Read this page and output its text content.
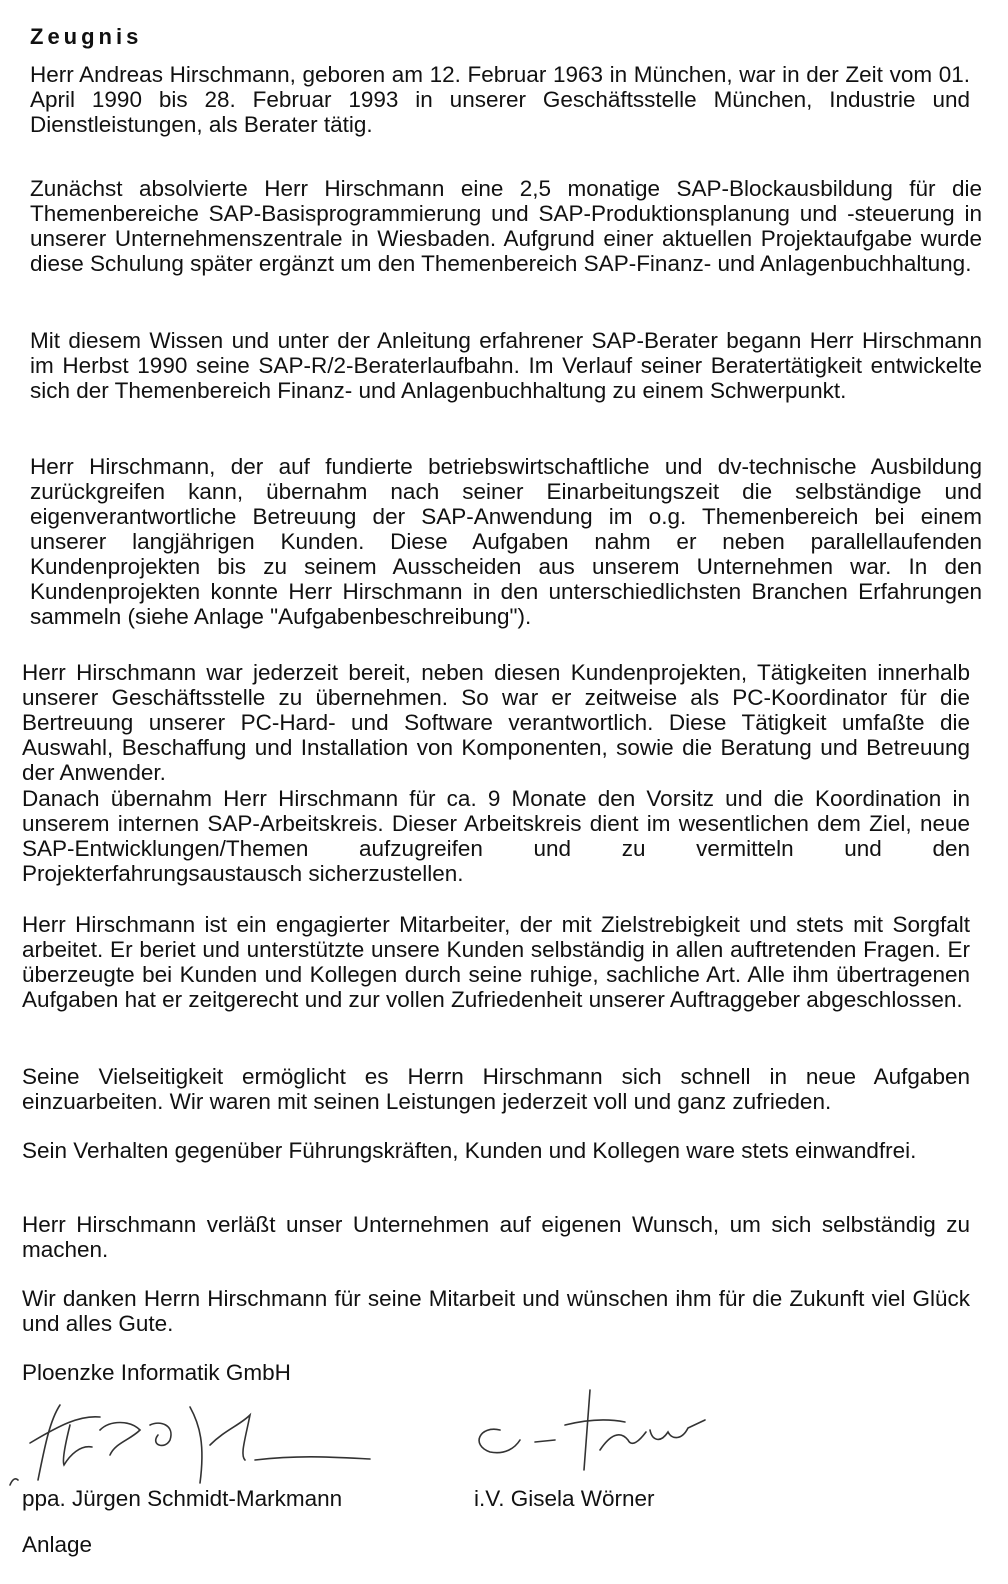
Zeugnis

Herr Andreas Hirschmann, geboren am 12. Februar 1963 in München, war in der Zeit vom 01. April 1990 bis 28. Februar 1993 in unserer Geschäftsstelle München, Industrie und Dienstleistungen, als Berater tätig.

Zunächst absolvierte Herr Hirschmann eine 2,5 monatige SAP-Blockausbildung für die Themenbereiche SAP-Basisprogrammierung und SAP-Produktionsplanung und -steuerung in unserer Unternehmenszentrale in Wiesbaden. Aufgrund einer aktuellen Projektaufgabe wurde diese Schulung später ergänzt um den Themenbereich SAP-Finanz- und Anlagenbuchhaltung.

Mit diesem Wissen und unter der Anleitung erfahrener SAP-Berater begann Herr Hirschmann im Herbst 1990 seine SAP-R/2-Beraterlaufbahn. Im Verlauf seiner Beratertätigkeit entwickelte sich der Themenbereich Finanz- und Anlagenbuchhaltung zu einem Schwerpunkt.

Herr Hirschmann, der auf fundierte betriebswirtschaftliche und dv-technische Ausbildung zurückgreifen kann, übernahm nach seiner Einarbeitungszeit die selbständige und eigenverantwortliche Betreuung der SAP-Anwendung im o.g. Themenbereich bei einem unserer langjährigen Kunden. Diese Aufgaben nahm er neben parallellaufenden Kundenprojekten bis zu seinem Ausscheiden aus unserem Unternehmen war. In den Kundenprojekten konnte Herr Hirschmann in den unterschiedlichsten Branchen Erfahrungen sammeln (siehe Anlage "Aufgabenbeschreibung").

Herr Hirschmann war jederzeit bereit, neben diesen Kundenprojekten, Tätigkeiten innerhalb unserer Geschäftsstelle zu übernehmen. So war er zeitweise als PC-Koordinator für die Bertreuung unserer PC-Hard- und Software verantwortlich. Diese Tätigkeit umfaßte die Auswahl, Beschaffung und Installation von Komponenten, sowie die Beratung und Betreuung der Anwender.

Danach übernahm Herr Hirschmann für ca. 9 Monate den Vorsitz und die Koordination in unserem internen SAP-Arbeitskreis. Dieser Arbeitskreis dient im wesentlichen dem Ziel, neue SAP-Entwicklungen/Themen aufzugreifen und zu vermitteln und den Projekterfahrungsaustausch sicherzustellen.

Herr Hirschmann ist ein engagierter Mitarbeiter, der mit Zielstrebigkeit und stets mit Sorgfalt arbeitet. Er beriet und unterstützte unsere Kunden selbständig in allen auftretenden Fragen. Er überzeugte bei Kunden und Kollegen durch seine ruhige, sachliche Art. Alle ihm übertragenen Aufgaben hat er zeitgerecht und zur vollen Zufriedenheit unserer Auftraggeber abgeschlossen.

Seine Vielseitigkeit ermöglicht es Herrn Hirschmann sich schnell in neue Aufgaben einzuarbeiten. Wir waren mit seinen Leistungen jederzeit voll und ganz zufrieden.

Sein Verhalten gegenüber Führungskräften, Kunden und Kollegen ware stets einwandfrei.

Herr Hirschmann verläßt unser Unternehmen auf eigenen Wunsch, um sich selbständig zu machen.

Wir danken Herrn Hirschmann für seine Mitarbeit und wünschen ihm für die Zukunft viel Glück und alles Gute.

Ploenzke Informatik GmbH
ppa. Jürgen Schmidt-Markmann	i.V. Gisela Wörner
Anlage
